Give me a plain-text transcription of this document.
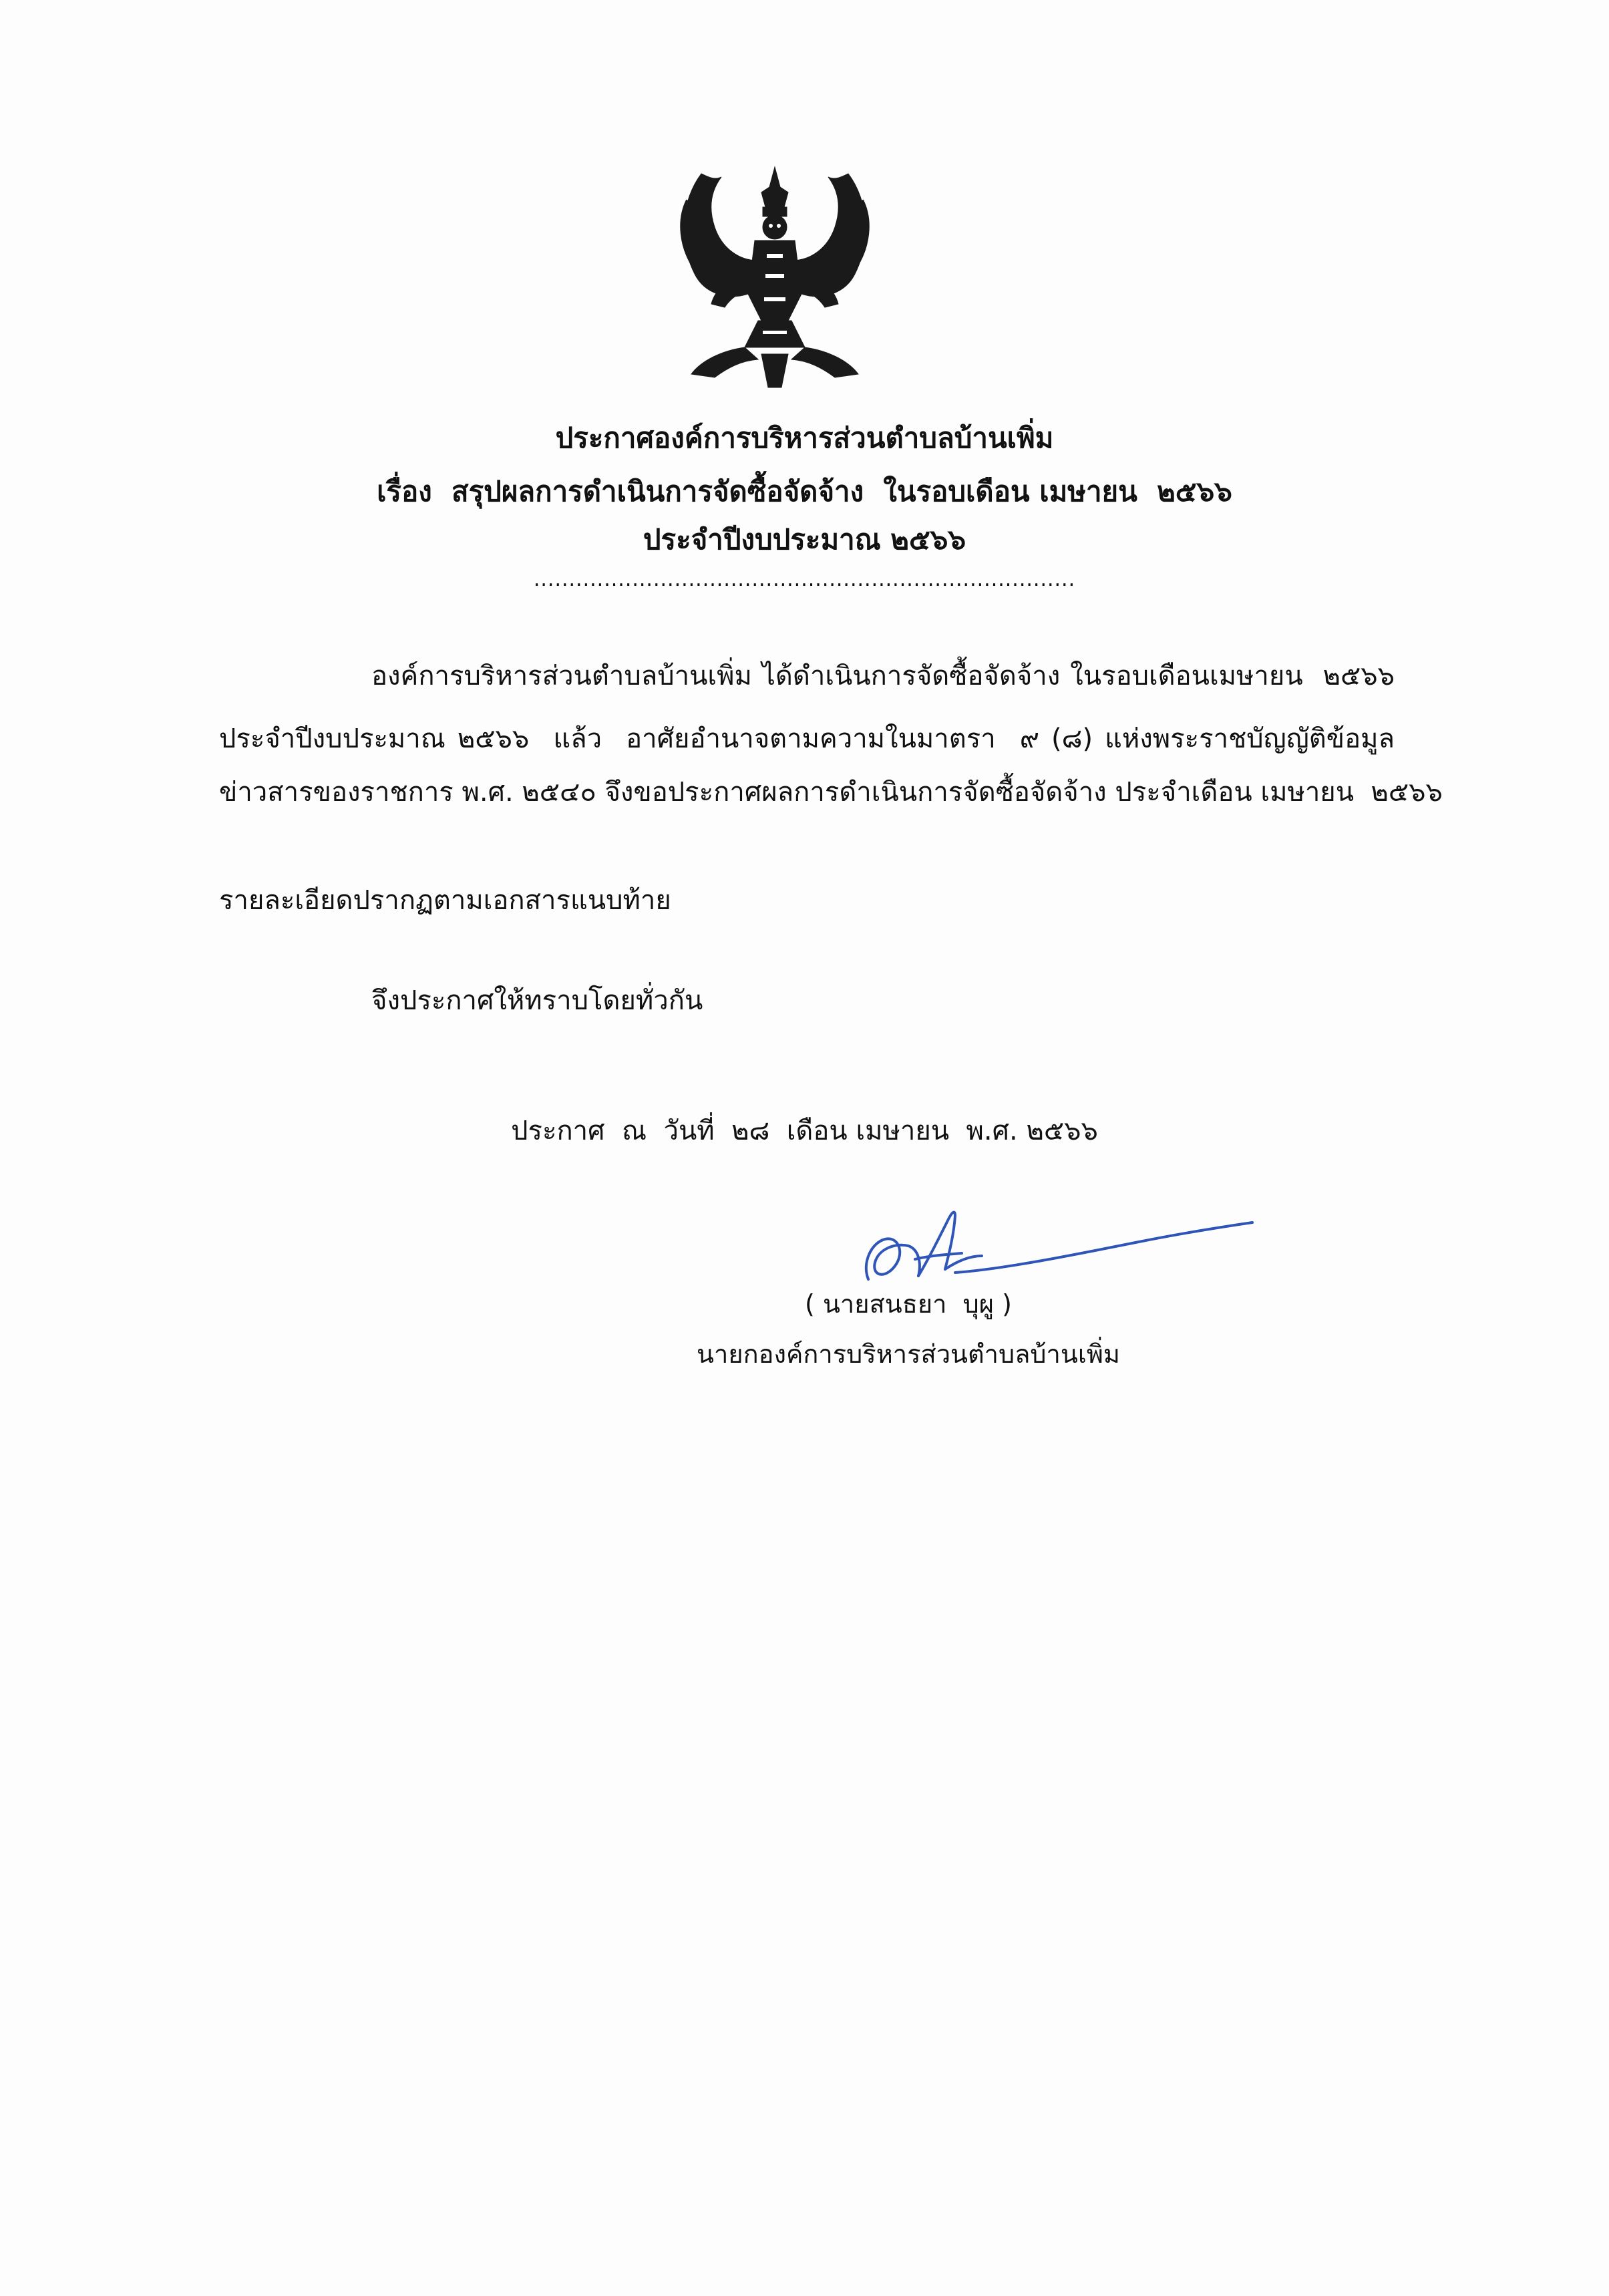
ประกาศองค์การบริหารส่วนตำบลบ้านเพิ่ม
เรื่อง  สรุปผลการดำเนินการจัดซื้อจัดจ้าง  ในรอบเดือน เมษายน  ๒๕๖๖
ประจำปีงบประมาณ ๒๕๖๖
.............................................................................
องค์การบริหารส่วนตำบลบ้านเพิ่ม ได้ดำเนินการจัดซื้อจัดจ้าง ในรอบเดือนเมษายน  ๒๕๖๖
ประจำปีงบประมาณ ๒๕๖๖  แล้ว  อาศัยอำนาจตามความในมาตรา  ๙ (๘) แห่งพระราชบัญญัติข้อมูล
ข่าวสารของราชการ พ.ศ. ๒๕๔๐ จึงขอประกาศผลการดำเนินการจัดซื้อจัดจ้าง ประจำเดือน เมษายน  ๒๕๖๖
รายละเอียดปรากฏตามเอกสารแนบท้าย
จึงประกาศให้ทราบโดยทั่วกัน
ประกาศ  ณ  วันที่  ๒๘  เดือน เมษายน  พ.ศ. ๒๕๖๖
( นายสนธยา  บุผู )
นายกองค์การบริหารส่วนตำบลบ้านเพิ่ม
